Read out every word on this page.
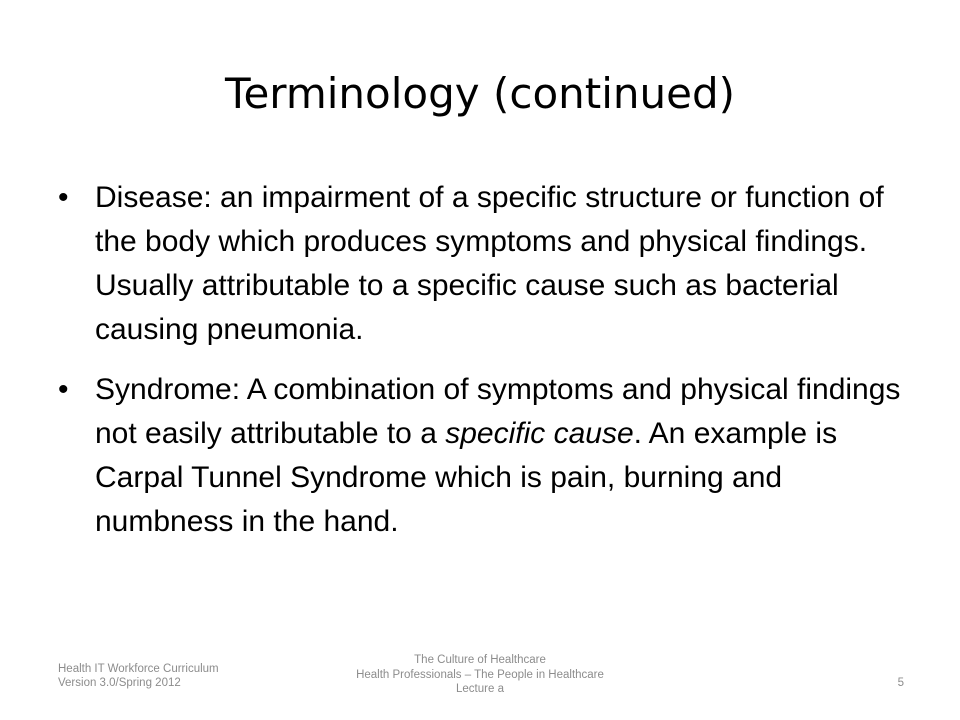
Terminology (continued)
• Disease: an impairment of a specific structure or function of the body which produces symptoms and physical findings. Usually attributable to a specific cause such as bacterial causing pneumonia.
• Syndrome: A combination of symptoms and physical findings not easily attributable to a specific cause. An example is Carpal Tunnel Syndrome which is pain, burning and numbness in the hand.
Health IT Workforce Curriculum
Version 3.0/Spring 2012
The Culture of Healthcare
Health Professionals – The People in Healthcare
Lecture a	5
